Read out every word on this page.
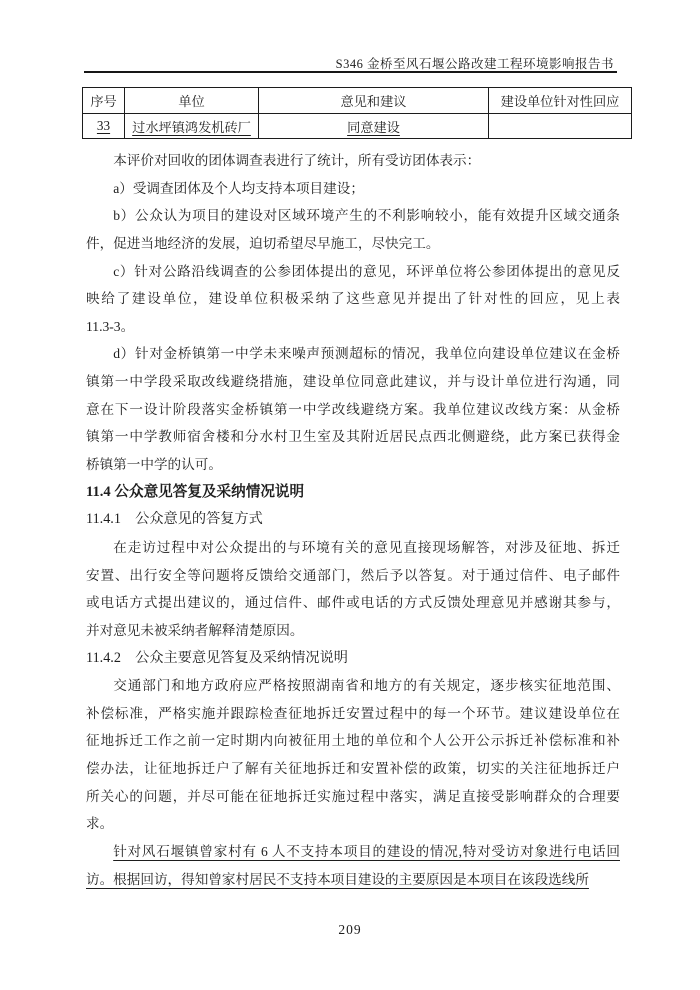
S346 金桥至风石堰公路改建工程环境影响报告书
序号	单位	意见和建议	建设单位针对性回应
33	过水坪镇鸿发机砖厂	同意建设	
本评价对回收的团体调查表进行了统计，所有受访团体表示：
a）受调查团体及个人均支持本项目建设；
b）公众认为项目的建设对区域环境产生的不利影响较小，能有效提升区域交通条
件，促进当地经济的发展，迫切希望尽早施工，尽快完工。
c）针对公路沿线调查的公参团体提出的意见，环评单位将公参团体提出的意见反
映给了建设单位，建设单位积极采纳了这些意见并提出了针对性的回应，见上表
11.3-3。
d）针对金桥镇第一中学未来噪声预测超标的情况，我单位向建设单位建议在金桥
镇第一中学段采取改线避绕措施，建设单位同意此建议，并与设计单位进行沟通，同
意在下一设计阶段落实金桥镇第一中学改线避绕方案。我单位建议改线方案：从金桥
镇第一中学教师宿舍楼和分水村卫生室及其附近居民点西北侧避绕，此方案已获得金
桥镇第一中学的认可。
11.4 公众意见答复及采纳情况说明
11.4.1　公众意见的答复方式
在走访过程中对公众提出的与环境有关的意见直接现场解答，对涉及征地、拆迁
安置、出行安全等问题将反馈给交通部门，然后予以答复。对于通过信件、电子邮件
或电话方式提出建议的，通过信件、邮件或电话的方式反馈处理意见并感谢其参与，
并对意见未被采纳者解释清楚原因。
11.4.2　公众主要意见答复及采纳情况说明
交通部门和地方政府应严格按照湖南省和地方的有关规定，逐步核实征地范围、
补偿标准，严格实施并跟踪检查征地拆迁安置过程中的每一个环节。建议建设单位在
征地拆迁工作之前一定时期内向被征用土地的单位和个人公开公示拆迁补偿标准和补
偿办法，让征地拆迁户了解有关征地拆迁和安置补偿的政策，切实的关注征地拆迁户
所关心的问题，并尽可能在征地拆迁实施过程中落实，满足直接受影响群众的合理要
求。
针对风石堰镇曾家村有 6 人不支持本项目的建设的情况,特对受访对象进行电话回
访。根据回访，得知曾家村居民不支持本项目建设的主要原因是本项目在该段选线所
209
